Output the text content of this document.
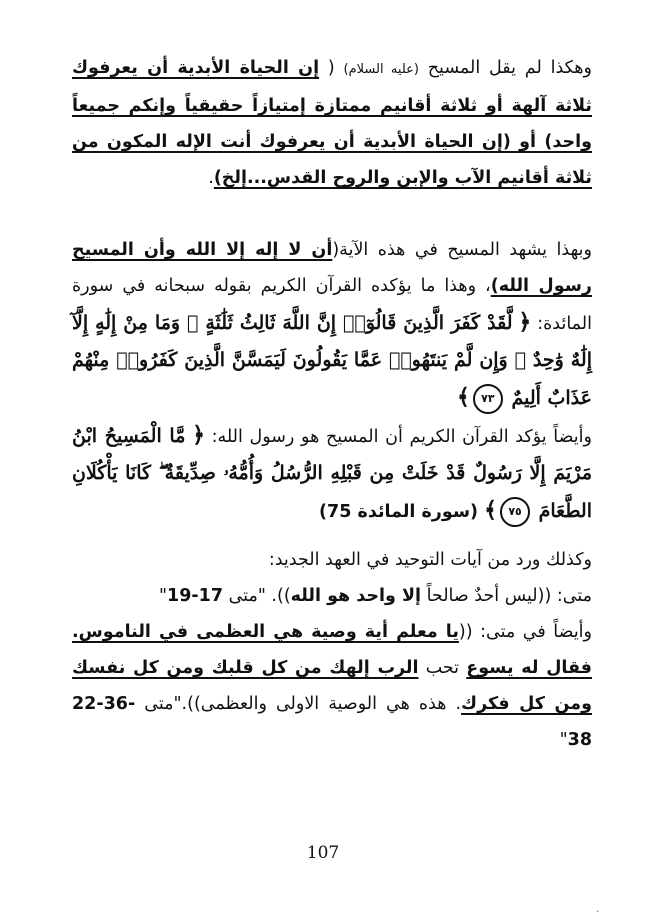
وهكذا لم يقل المسيح (عليه السلام) ( إن الحياة الأبدية أن يعرفوك ثلاثة آلهة أو ثلاثة أقانيم ممتازة إمتيازاً حقيقياً وإنكم جميعاً واحد) أو (إن الحياة الأبدية أن يعرفوك أنت الإله المكون من ثلاثة أقانيم الآب والإبن والروح القدس...إلخ).

وبهذا يشهد المسيح في هذه الآية(أن لا إله إلا الله وأن المسيح رسول الله)، وهذا ما يؤكده القرآن الكريم بقوله سبحانه في سورة المائدة: ﴿ لَّقَدْ كَفَرَ الَّذِينَ قَالُوٓا۟ إِنَّ اللَّهَ ثَالِثُ ثَلَٰثَةٍ ۘ وَمَا مِنْ إِلَٰهٍ إِلَّآ إِلَٰهٌ وَٰحِدٌ ۚ وَإِن لَّمْ يَنتَهُوا۟ عَمَّا يَقُولُونَ لَيَمَسَّنَّ الَّذِينَ كَفَرُوا۟ مِنْهُمْ عَذَابٌ أَلِيمٌ ٧٣﴾

وأيضاً يؤكد القرآن الكريم أن المسيح هو رسول الله: ﴿ مَّا الْمَسِيحُ ابْنُ مَرْيَمَ إِلَّا رَسُولٌ قَدْ خَلَتْ مِن قَبْلِهِ الرُّسُلُ وَأُمُّهُۥ صِدِّيقَةٌ ۖ كَانَا يَأْكُلَانِ الطَّعَامَ ٧٥﴾ (سورة المائدة 75)

وكذلك ورد من آيات التوحيد في العهد الجديد:

متى: ((ليس أحدٌ صالحاً إلا واحد هو الله)). "متى 19-17"

وأيضاً في متى: ((يا معلم أية وصية هي العظمى في الناموس. فقال له يسوع تحب الرب إلهك من كل قلبك ومن كل نفسك ومن كل فكرك. هذه هي الوصية الاولى والعظمى))."متى 22-36-38"

107
.
